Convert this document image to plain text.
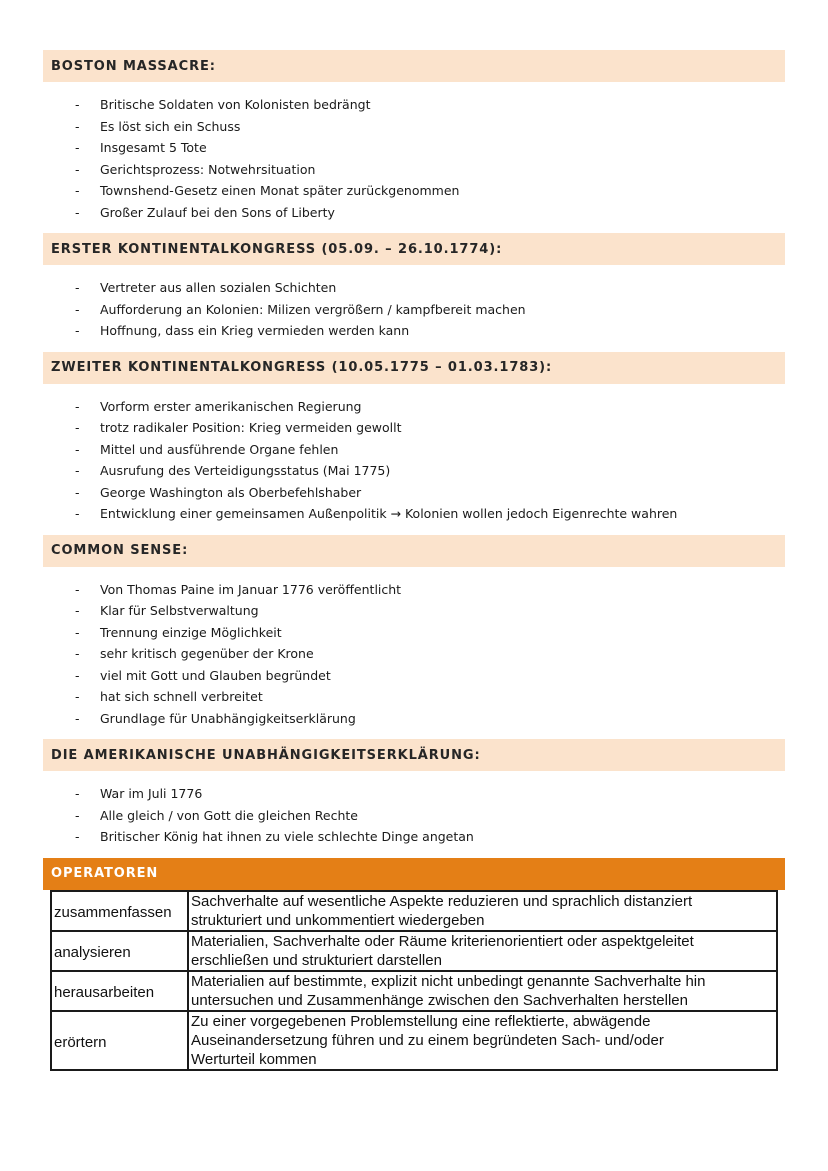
BOSTON MASSACRE:
- Britische Soldaten von Kolonisten bedrängt
- Es löst sich ein Schuss
- Insgesamt 5 Tote
- Gerichtsprozess: Notwehrsituation
- Townshend-Gesetz einen Monat später zurückgenommen
- Großer Zulauf bei den Sons of Liberty
ERSTER KONTINENTALKONGRESS (05.09. – 26.10.1774):
- Vertreter aus allen sozialen Schichten
- Aufforderung an Kolonien: Milizen vergrößern / kampfbereit machen
- Hoffnung, dass ein Krieg vermieden werden kann
ZWEITER KONTINENTALKONGRESS (10.05.1775 – 01.03.1783):
- Vorform erster amerikanischen Regierung
- trotz radikaler Position: Krieg vermeiden gewollt
- Mittel und ausführende Organe fehlen
- Ausrufung des Verteidigungsstatus (Mai 1775)
- George Washington als Oberbefehlshaber
- Entwicklung einer gemeinsamen Außenpolitik → Kolonien wollen jedoch Eigenrechte wahren
COMMON SENSE:
- Von Thomas Paine im Januar 1776 veröffentlicht
- Klar für Selbstverwaltung
- Trennung einzige Möglichkeit
- sehr kritisch gegenüber der Krone
- viel mit Gott und Glauben begründet
- hat sich schnell verbreitet
- Grundlage für Unabhängigkeitserklärung
DIE AMERIKANISCHE UNABHÄNGIGKEITSERKLÄRUNG:
- War im Juli 1776
- Alle gleich / von Gott die gleichen Rechte
- Britischer König hat ihnen zu viele schlechte Dinge angetan
OPERATOREN
zusammenfassen	Sachverhalte auf wesentliche Aspekte reduzieren und sprachlich distanziert
strukturiert und unkommentiert wiedergeben

analysieren	Materialien, Sachverhalte oder Räume kriterienorientiert oder aspektgeleitet
erschließen und strukturiert darstellen

herausarbeiten	Materialien auf bestimmte, explizit nicht unbedingt genannte Sachverhalte hin
untersuchen und Zusammenhänge zwischen den Sachverhalten herstellen

erörtern	Zu einer vorgegebenen Problemstellung eine reflektierte, abwägende
Auseinandersetzung führen und zu einem begründeten Sach- und/oder
Werturteil kommen
